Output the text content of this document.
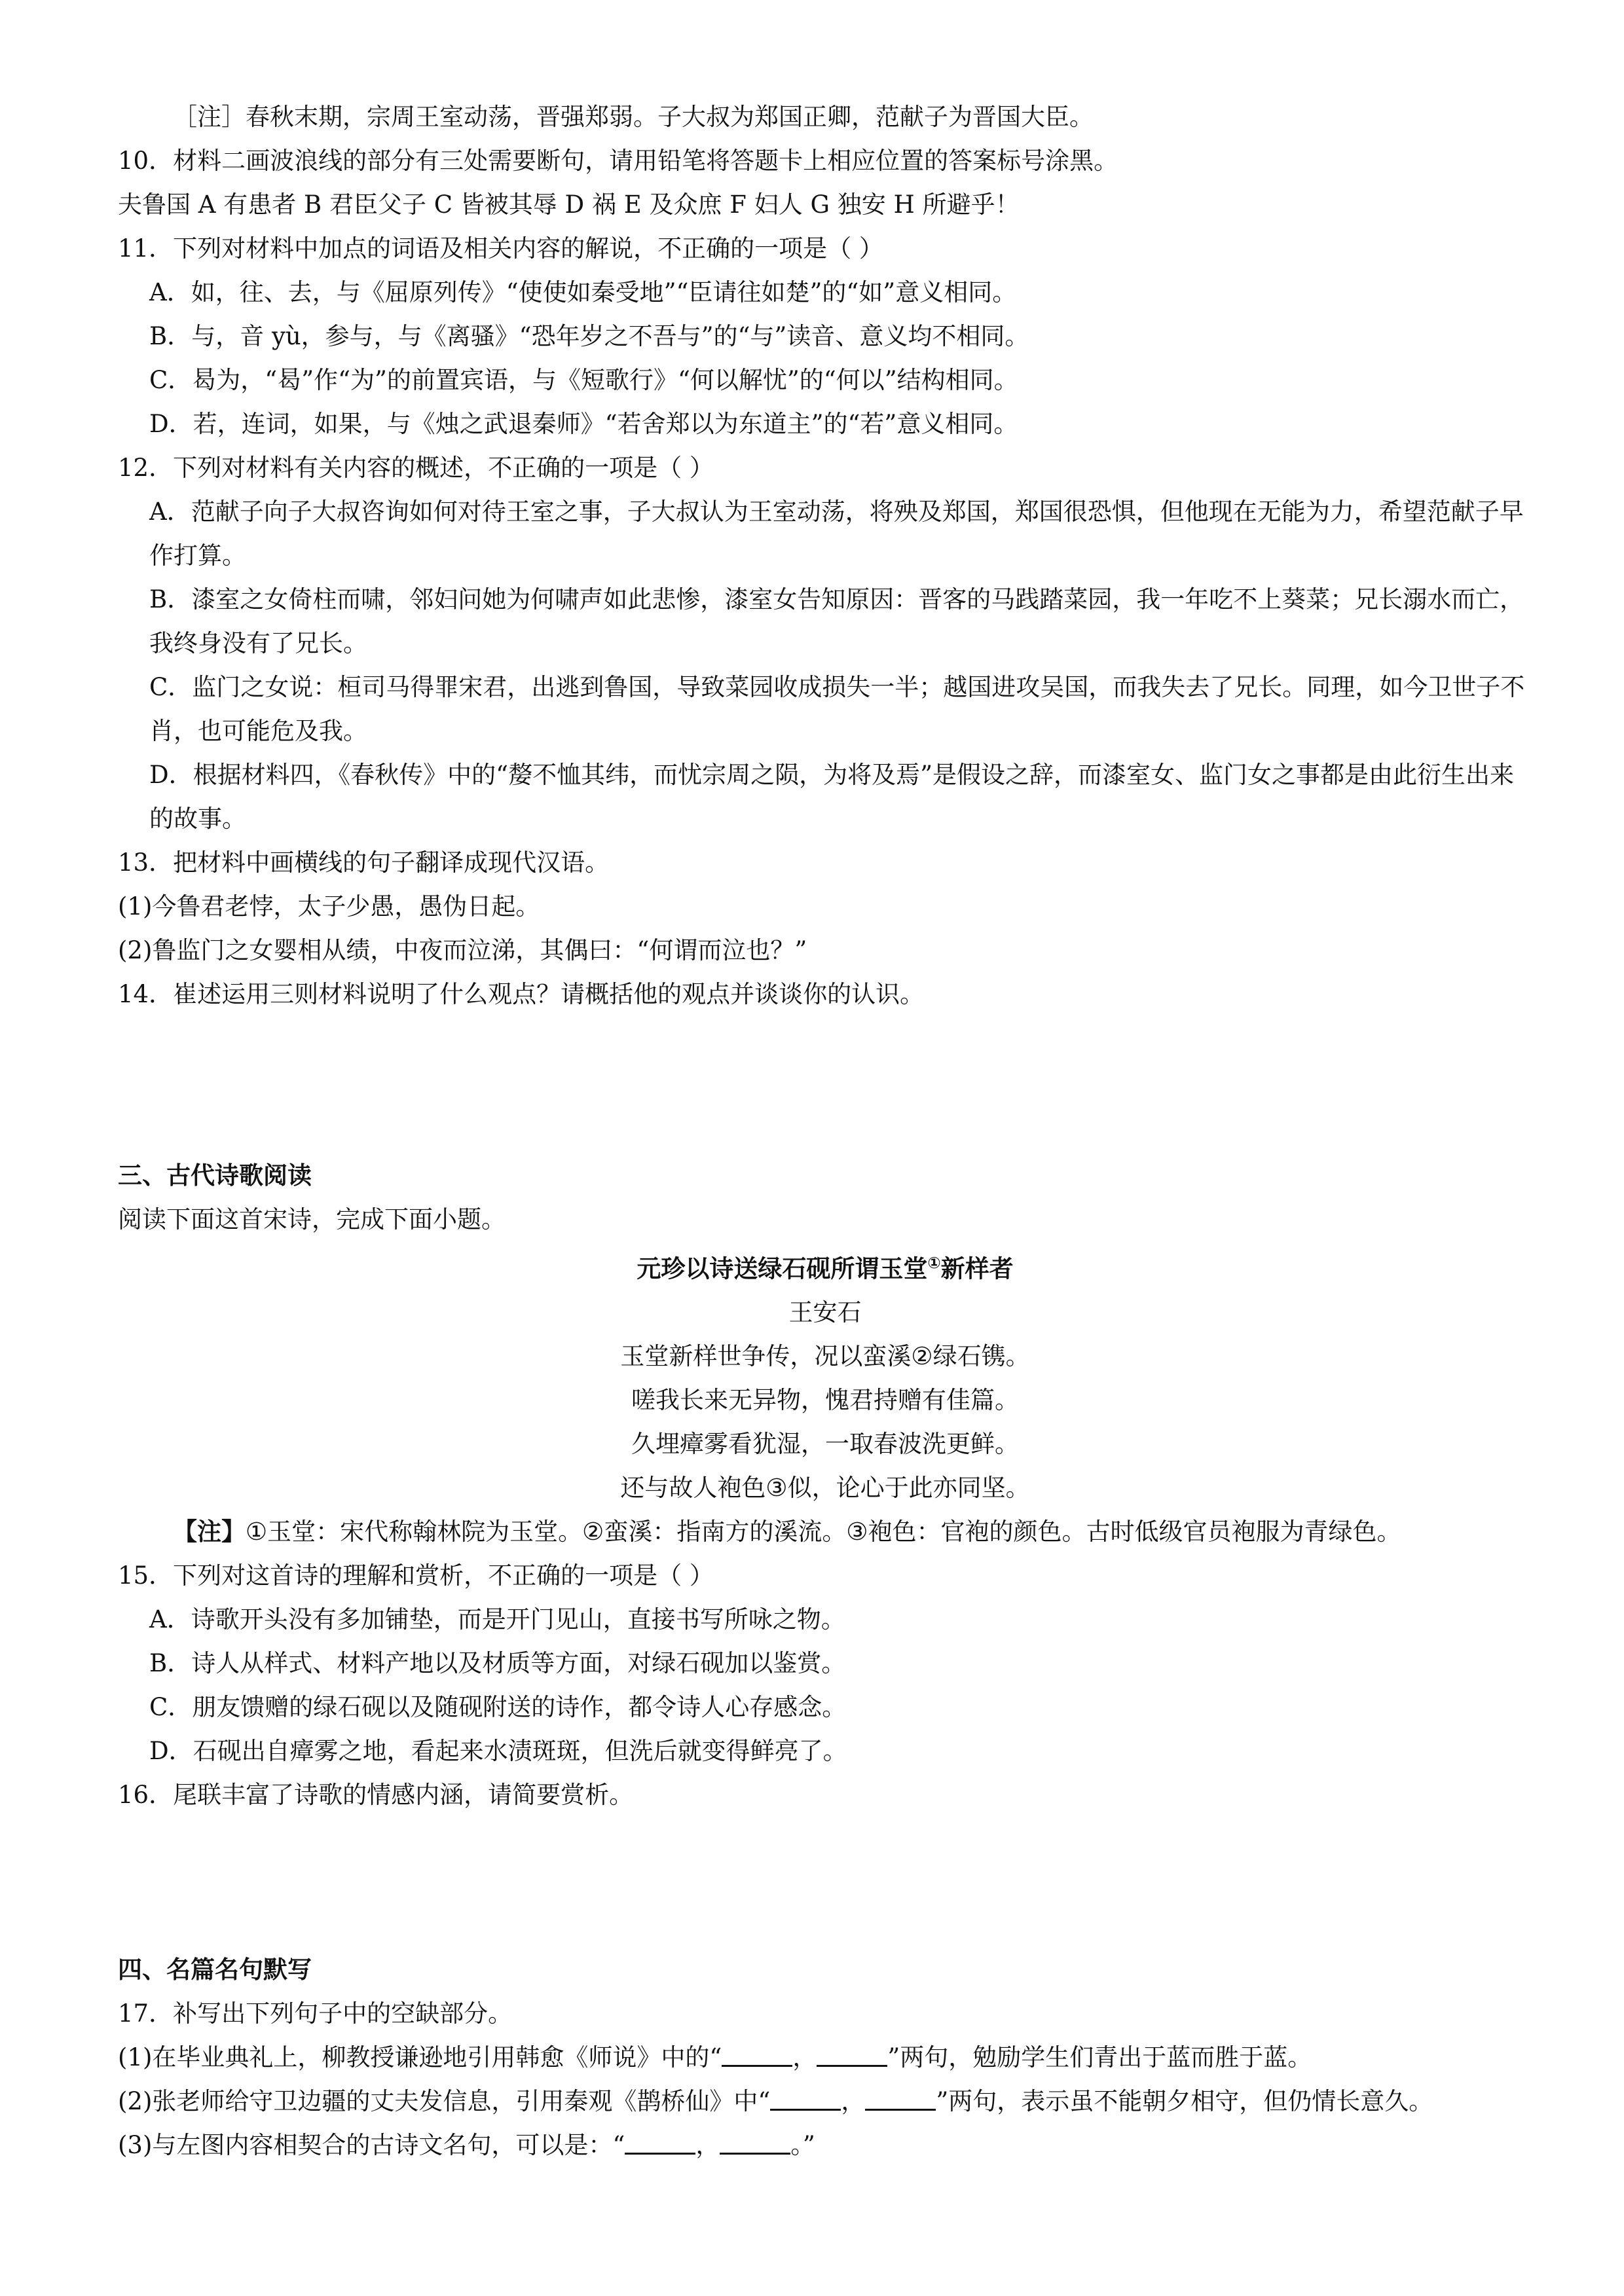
［注］春秋末期，宗周王室动荡，晋强郑弱。子大叔为郑国正卿，范献子为晋国大臣。
10．材料二画波浪线的部分有三处需要断句，请用铅笔将答题卡上相应位置的答案标号涂黑。
夫鲁国 A 有患者 B 君臣父子 C 皆被其辱 D 祸 E 及众庶 F 妇人 G 独安 H 所避乎！
11．下列对材料中加点的词语及相关内容的解说，不正确的一项是（ ）
A．如，往、去，与《屈原列传》“使使如秦受地”“臣请往如楚”的“如”意义相同。
B．与，音 yù，参与，与《离骚》“恐年岁之不吾与”的“与”读音、意义均不相同。
C．曷为，“曷”作“为”的前置宾语，与《短歌行》“何以解忧”的“何以”结构相同。
D．若，连词，如果，与《烛之武退秦师》“若舍郑以为东道主”的“若”意义相同。
12．下列对材料有关内容的概述，不正确的一项是（ ）
A．范献子向子大叔咨询如何对待王室之事，子大叔认为王室动荡，将殃及郑国，郑国很恐惧，但他现在无能为力，希望范献子早作打算。
B．漆室之女倚柱而啸，邻妇问她为何啸声如此悲惨，漆室女告知原因：晋客的马践踏菜园，我一年吃不上葵菜；兄长溺水而亡，我终身没有了兄长。
C．监门之女说：桓司马得罪宋君，出逃到鲁国，导致菜园收成损失一半；越国进攻吴国，而我失去了兄长。同理，如今卫世子不肖，也可能危及我。
D．根据材料四，《春秋传》中的“嫠不恤其纬，而忧宗周之陨，为将及焉”是假设之辞，而漆室女、监门女之事都是由此衍生出来的故事。
13．把材料中画横线的句子翻译成现代汉语。
(1)今鲁君老悖，太子少愚，愚伪日起。
(2)鲁监门之女婴相从绩，中夜而泣涕，其偶曰：“何谓而泣也？”
14．崔述运用三则材料说明了什么观点？请概括他的观点并谈谈你的认识。
三、古代诗歌阅读
阅读下面这首宋诗，完成下面小题。
元珍以诗送绿石砚所谓玉堂①新样者
王安石
玉堂新样世争传，况以蛮溪②绿石镌。
嗟我长来无异物，愧君持赠有佳篇。
久埋瘴雾看犹湿，一取春波洗更鲜。
还与故人袍色③似，论心于此亦同坚。
【注】①玉堂：宋代称翰林院为玉堂。②蛮溪：指南方的溪流。③袍色：官袍的颜色。古时低级官员袍服为青绿色。
15．下列对这首诗的理解和赏析，不正确的一项是（ ）
A．诗歌开头没有多加铺垫，而是开门见山，直接书写所咏之物。
B．诗人从样式、材料产地以及材质等方面，对绿石砚加以鉴赏。
C．朋友馈赠的绿石砚以及随砚附送的诗作，都令诗人心存感念。
D．石砚出自瘴雾之地，看起来水渍斑斑，但洗后就变得鲜亮了。
16．尾联丰富了诗歌的情感内涵，请简要赏析。
四、名篇名句默写
17．补写出下列句子中的空缺部分。
(1)在毕业典礼上，柳教授谦逊地引用韩愈《师说》中的“	，	”两句，勉励学生们青出于蓝而胜于蓝。
(2)张老师给守卫边疆的丈夫发信息，引用秦观《鹊桥仙》中“	，	”两句，表示虽不能朝夕相守，但仍情长意久。
(3)与左图内容相契合的古诗文名句，可以是：“	，	。”
